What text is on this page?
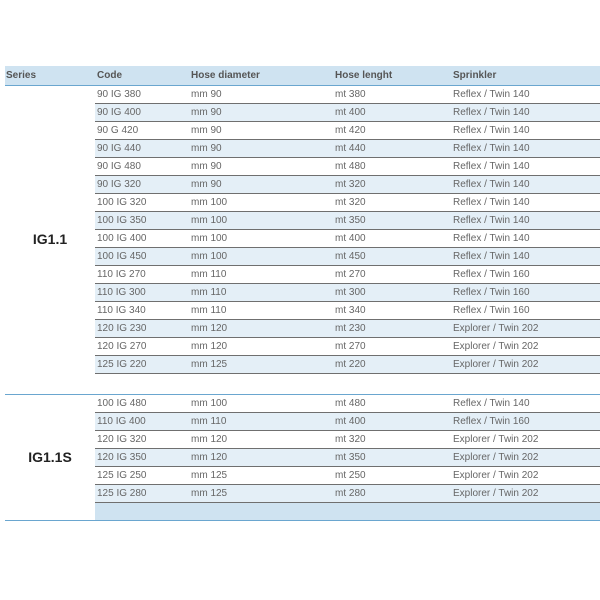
Series	Code	Hose diameter	Hose lenght	Sprinkler
IG1.1
90 IG 380	mm 90	mt 380	Reflex / Twin 140
90 IG 400	mm 90	mt 400	Reflex / Twin 140
90 G 420	mm 90	mt 420	Reflex / Twin 140
90 IG 440	mm 90	mt 440	Reflex / Twin 140
90 IG 480	mm 90	mt 480	Reflex / Twin 140
90 IG 320	mm 90	mt 320	Reflex / Twin 140
100 IG 320	mm 100	mt 320	Reflex / Twin 140
100 IG 350	mm 100	mt 350	Reflex / Twin 140
100 IG 400	mm 100	mt 400	Reflex / Twin 140
100 IG 450	mm 100	mt 450	Reflex / Twin 140
110 IG 270	mm 110	mt 270	Reflex / Twin 160
110 IG 300	mm 110	mt 300	Reflex / Twin 160
110 IG 340	mm 110	mt 340	Reflex / Twin 160
120 IG 230	mm 120	mt 230	Explorer / Twin 202
120 IG 270	mm 120	mt 270	Explorer / Twin 202
125 IG 220	mm 125	mt 220	Explorer / Twin 202
IG1.1S
100 IG 480	mm 100	mt 480	Reflex / Twin 140
110 IG 400	mm 110	mt 400	Reflex / Twin 160
120 IG 320	mm 120	mt 320	Explorer / Twin 202
120 IG 350	mm 120	mt 350	Explorer / Twin 202
125 IG 250	mm 125	mt 250	Explorer / Twin 202
125 IG 280	mm 125	mt 280	Explorer / Twin 202
